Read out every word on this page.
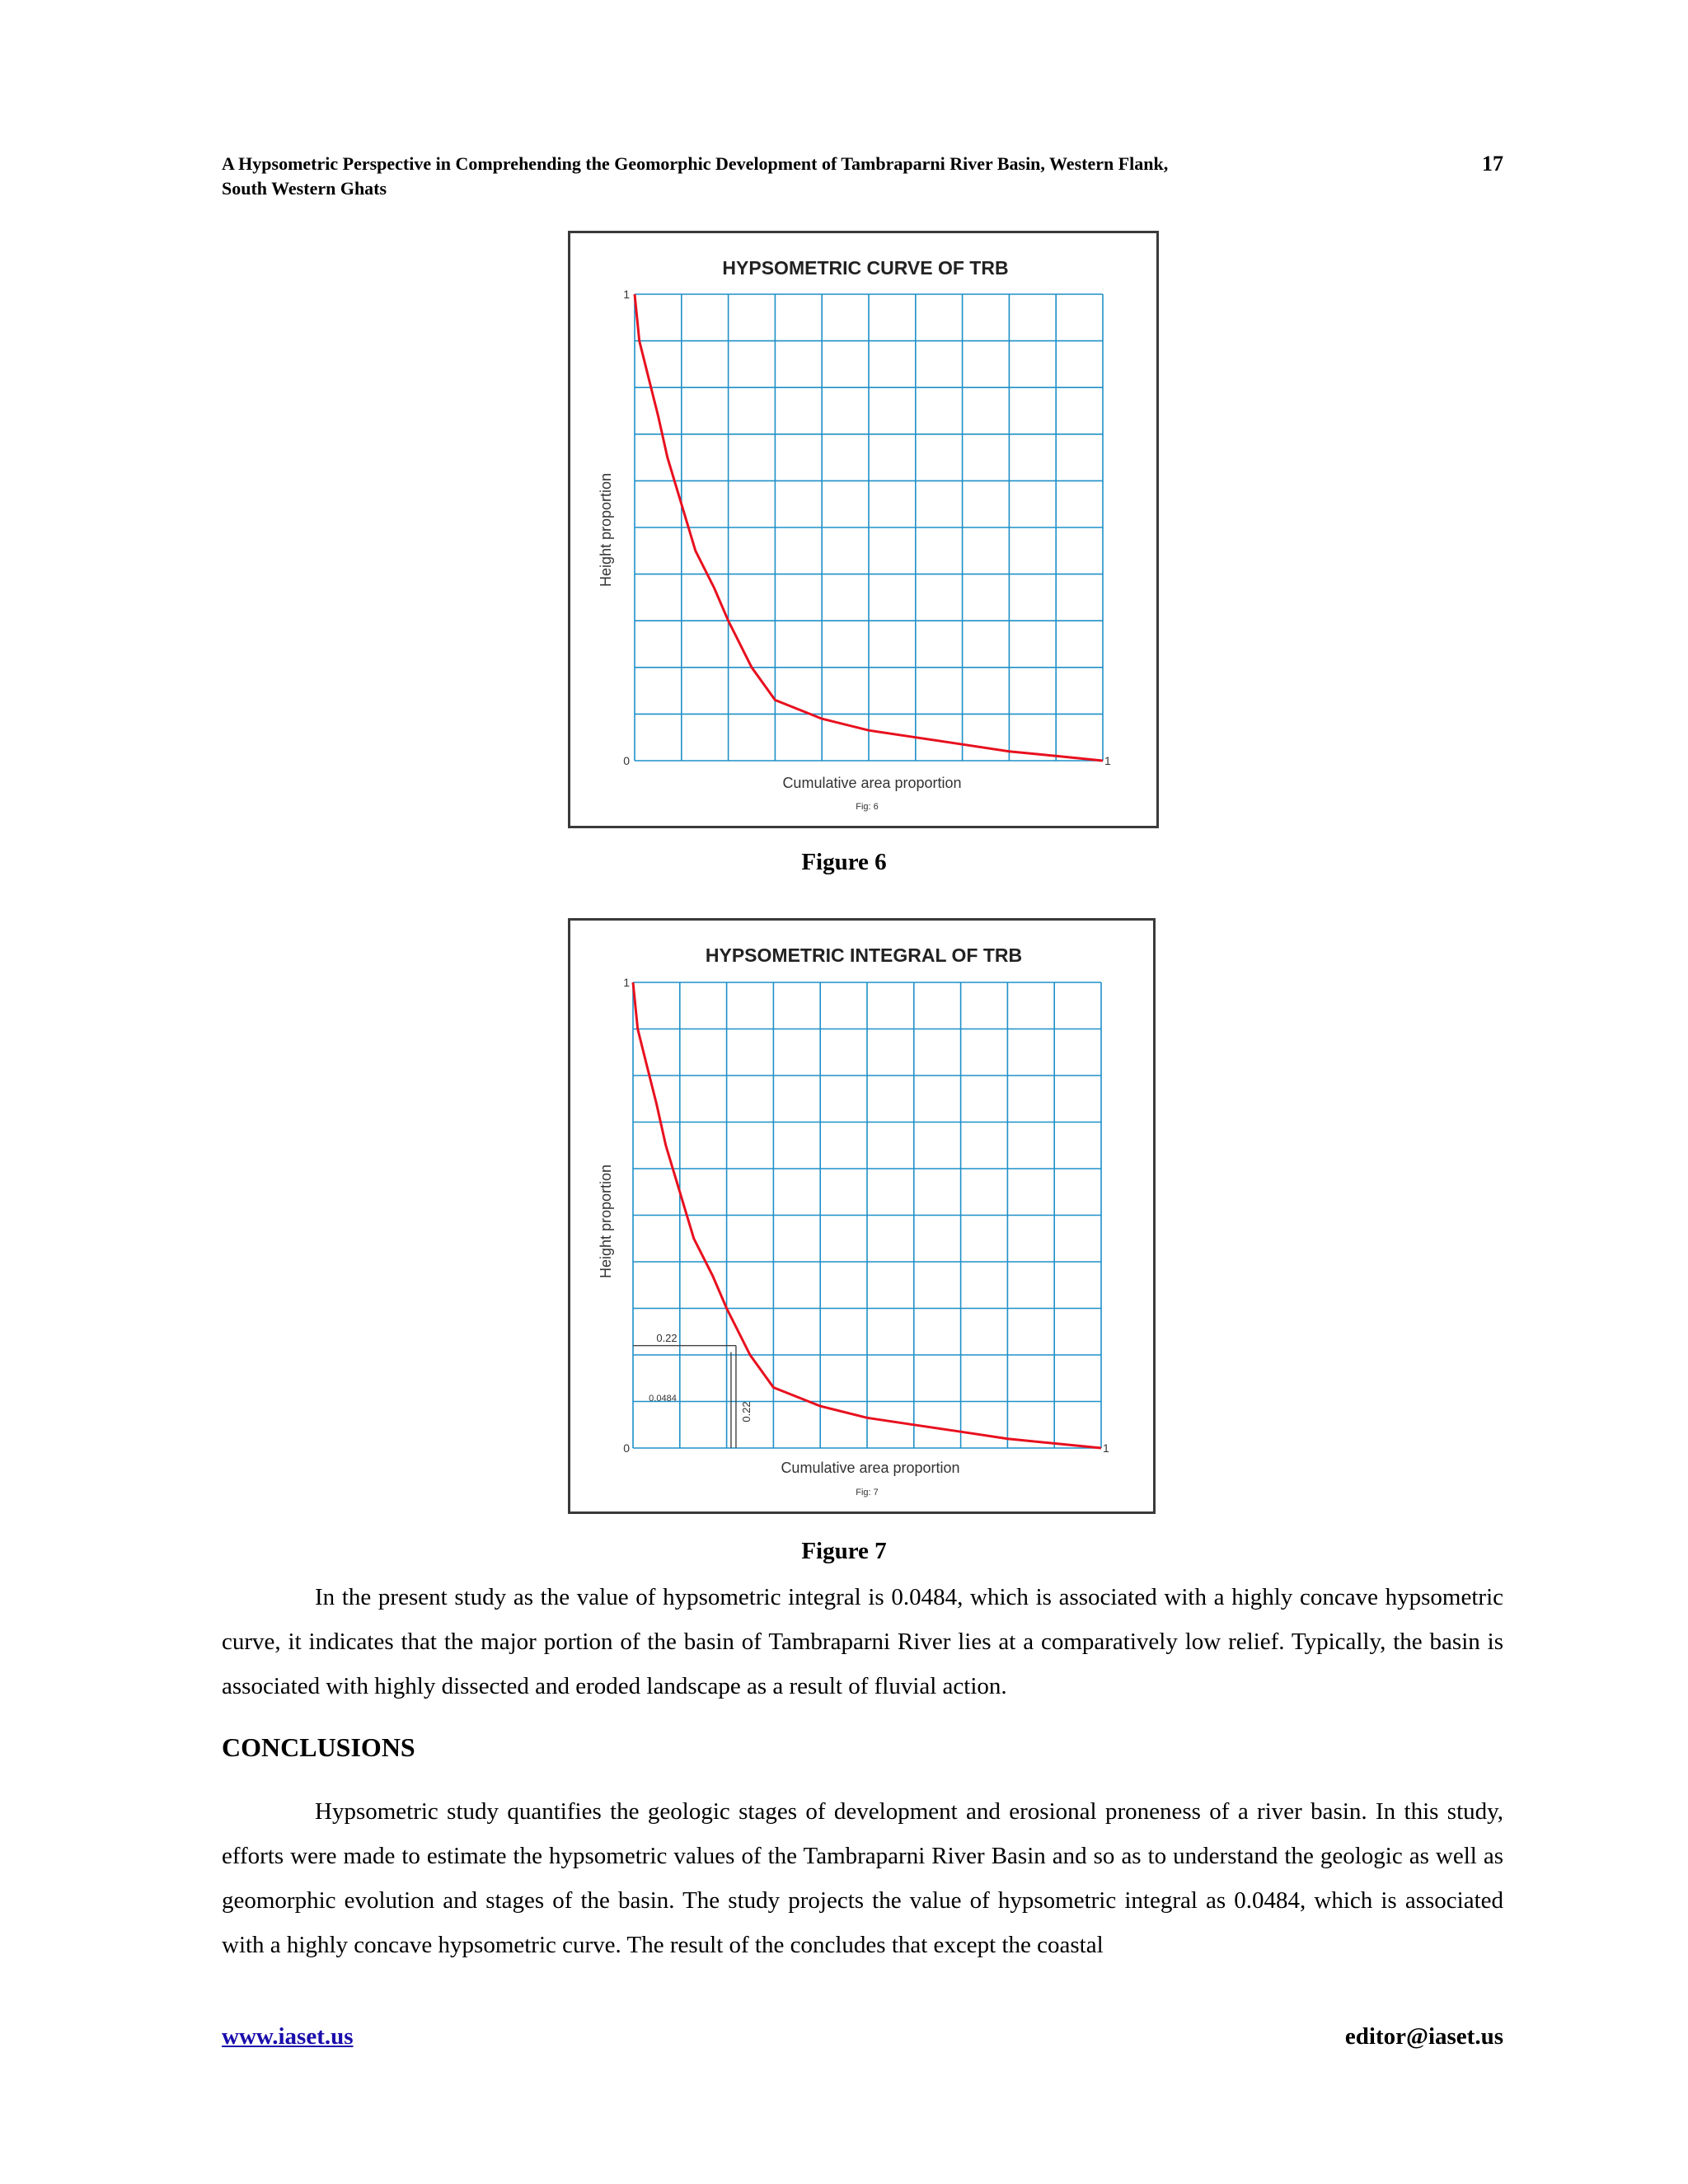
A Hypsometric Perspective in Comprehending the Geomorphic Development of Tambraparni River Basin, Western Flank, South Western Ghats
17
HYPSOMETRIC CURVE OF TRB
1
0	1
Cumulative area proportion
Height proportion
Fig: 6
Figure 6
HYPSOMETRIC INTEGRAL OF TRB
1
0	1
0.22
0.22
0.0484
Cumulative area proportion
Height proportion
Fig: 7
Figure 7

In the present study as the value of hypsometric integral is 0.0484, which is associated with a highly concave hypsometric curve, it indicates that the major portion of the basin of Tambraparni River lies at a comparatively low relief. Typically, the basin is associated with highly dissected and eroded landscape as a result of fluvial action.

CONCLUSIONS

Hypsometric study quantifies the geologic stages of development and erosional proneness of a river basin. In this study, efforts were made to estimate the hypsometric values of the Tambraparni River Basin and so as to understand the geologic as well as geomorphic evolution and stages of the basin. The study projects the value of hypsometric integral as 0.0484, which is associated with a highly concave hypsometric curve. The result of the concludes that except the coastal

www.iaset.us	editor@iaset.us
